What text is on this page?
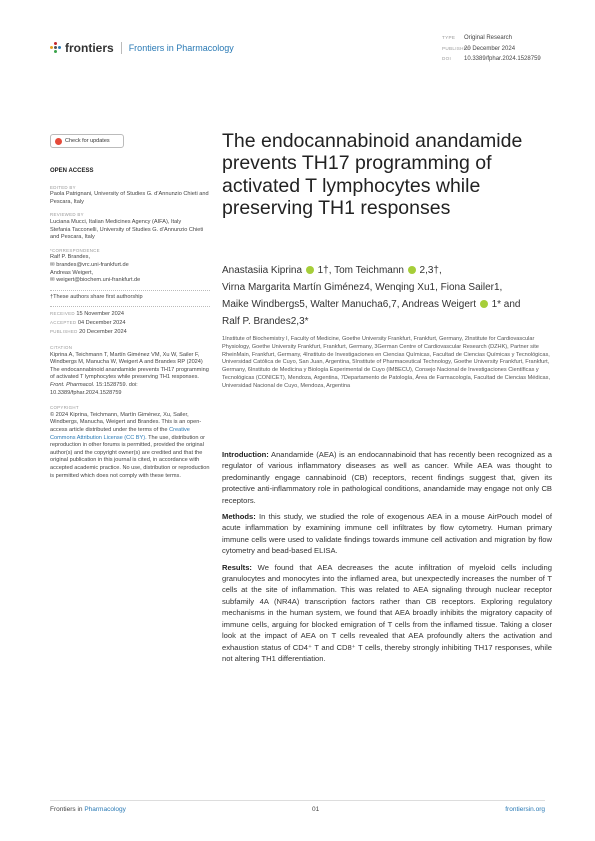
frontiers Frontiers in Pharmacology
TYPE Original Research
PUBLISHED20 December 2024
DOI 10.3389/fphar.2024.1528759
Check for updates
OPEN ACCESS
EDITED BY
Paola Patrignani, University of Studies G. d’Annunzio Chieti and Pescara, Italy
REVIEWED BY
Luciana Mucci, Italian Medicines Agency (AIFA), Italy
Stefania Tacconelli, University of Studies G. d’Annunzio Chieti and Pescara, Italy
*CORRESPONDENCE
Ralf P. Brandes,
✉ brandes@vrc.uni-frankfurt.de
Andreas Weigert,
✉ weigert@biochem.uni-frankfurt.de
†These authors share first authorship
RECEIVED 15 November 2024
ACCEPTED 04 December 2024
PUBLISHED 20 December 2024
CITATION
Kiprina A, Teichmann T, Martín Giménez VM, Xu W, Sailer F, Windbergs M, Manucha W, Weigert A and Brandes RP (2024) The endocannabinoid anandamide prevents TH17 programming of activated T lymphocytes while preserving TH1 responses. Front. Pharmacol. 15:1528759. doi: 10.3389/fphar.2024.1528759
COPYRIGHT
© 2024 Kiprina, Teichmann, Martín Giménez, Xu, Sailer, Windbergs, Manucha, Weigert and Brandes. This is an open-access article distributed under the terms of the Creative Commons Attribution License (CC BY). The use, distribution or reproduction in other forums is permitted, provided the original author(s) and the copyright owner(s) are credited and that the original publication in this journal is cited, in accordance with accepted academic practice. No use, distribution or reproduction is permitted which does not comply with these terms.
The endocannabinoid anandamide prevents TH17 programming of activated T lymphocytes while preserving TH1 responses
Anastasiia Kiprina 1†, Tom Teichmann 2,3†,
Virna Margarita Martín Giménez4, Wenqing Xu1, Fiona Sailer1,
Maike Windbergs5, Walter Manucha6,7, Andreas Weigert 1* and
Ralf P. Brandes2,3*
1Institute of Biochemistry I, Faculty of Medicine, Goethe University Frankfurt, Frankfurt, Germany, 2Institute for Cardiovascular Physiology, Goethe University Frankfurt, Frankfurt, Germany, 3German Centre of Cardiovascular Research (DZHK), Partner site RheinMain, Frankfurt, Germany, 4Instituto de Investigaciones en Ciencias Químicas, Facultad de Ciencias Químicas y Tecnológicas, Universidad Católica de Cuyo, San Juan, Argentina, 5Institute of Pharmaceutical Technology, Goethe University Frankfurt, Frankfurt, Germany, 6Instituto de Medicina y Biología Experimental de Cuyo (IMBECU), Consejo Nacional de Investigaciones Científicas y Tecnológicas (CONICET), Mendoza, Argentina, 7Departamento de Patología, Área de Farmacología, Facultad de Ciencias Médicas, Universidad Nacional de Cuyo, Mendoza, Argentina

Introduction: Anandamide (AEA) is an endocannabinoid that has recently been recognized as a regulator of various inflammatory diseases as well as cancer. While AEA was thought to predominantly engage cannabinoid (CB) receptors, recent findings suggest that, given its protective anti-inflammatory role in pathological conditions, anandamide may engage not only CB receptors.

Methods: In this study, we studied the role of exogenous AEA in a mouse AirPouch model of acute inflammation by examining immune cell infiltrates by flow cytometry. Human primary immune cells were used to validate findings towards immune cell activation and migration by flow cytometry and bead-based ELISA.

Results: We found that AEA decreases the acute infiltration of myeloid cells including granulocytes and monocytes into the inflamed area, but unexpectedly increases the number of T cells at the site of inflammation. This was related to AEA signaling through nuclear receptor subfamily 4A (NR4A) transcription factors rather than CB receptors. Exploring regulatory mechanisms in the human system, we found that AEA broadly inhibits the migratory capacity of immune cells, arguing for blocked emigration of T cells from the inflamed tissue. Taking a closer look at the impact of AEA on T cells revealed that AEA profoundly alters the activation and exhaustion status of CD4⁺ T and CD8⁺ T cells, thereby strongly inhibiting TH17 responses, while not altering TH1 differentiation.

Frontiers in Pharmacology	01	frontiersin.org
